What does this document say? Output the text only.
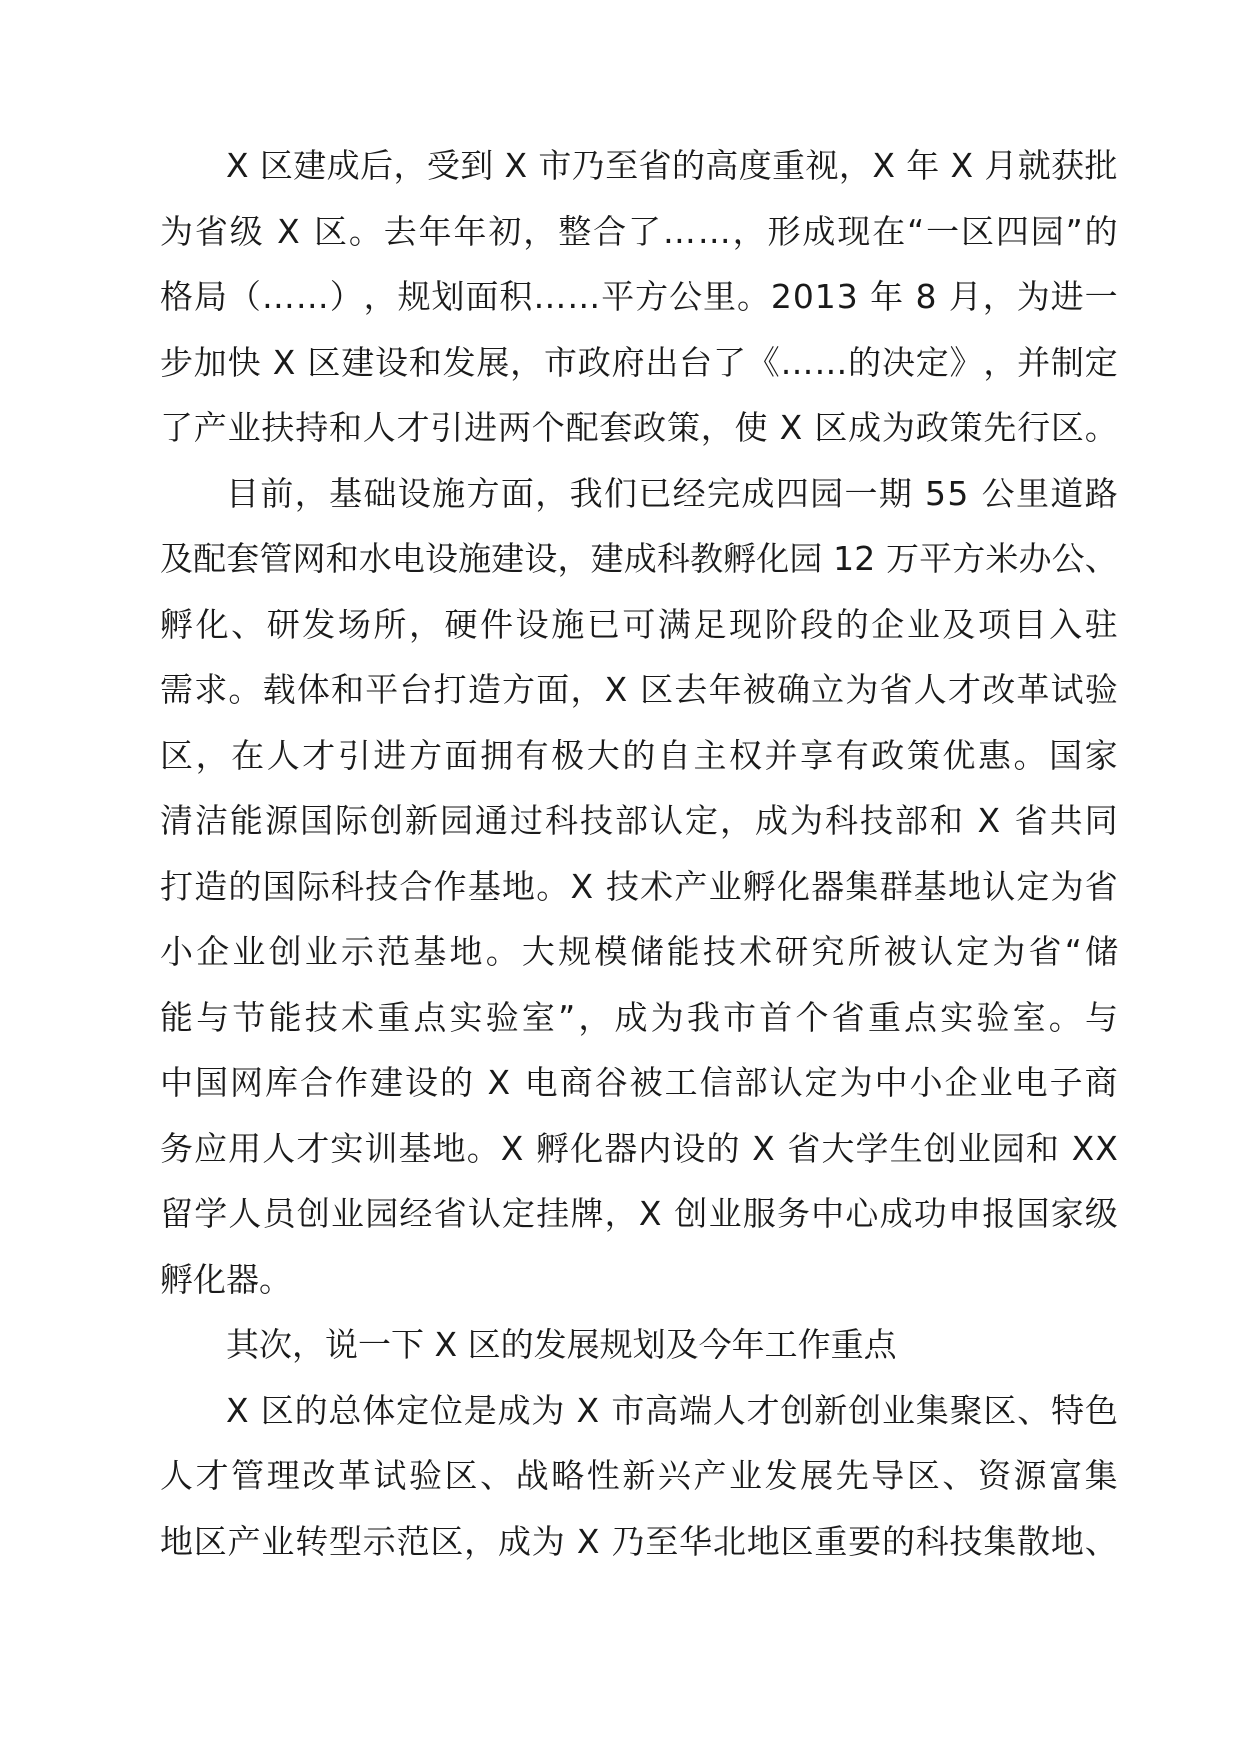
X
区 建 成 后 ， 受 到
X
市 乃 至 省 的 高 度 重 视 ， X
年
X
月 就 获 批

为 省 级
X
区 。 去 年 年 初 ， 整 合 了 … … ， 形 成 现 在 “ 一 区 四 园 ” 的

格 局 （ … … ） ， 规 划 面 积 … … 平 方 公 里 。 2 0 1 3
年
8
月 ， 为 进 一

步 加 快
X
区 建 设 和 发 展 ， 市 政 府 出 台 了 《 … … 的 决 定 》 ， 并 制 定

了 产 业 扶 持 和 人 才 引 进 两 个 配 套 政 策 ， 使
X
区 成 为 政 策 先 行 区 。

目 前 ， 基 础 设 施 方 面 ， 我 们 已 经 完 成 四 园 一 期
5 5
公 里 道 路

及 配 套 管 网 和 水 电 设 施 建 设 ， 建 成 科 教 孵 化 园
1 2
万 平 方 米 办 公 、

孵 化 、 研 发 场 所 ， 硬 件 设 施 已 可 满 足 现 阶 段 的 企 业 及 项 目 入 驻

需 求 。 载 体 和 平 台 打 造 方 面 ， X
区 去 年 被 确 立 为 省 人 才 改 革 试 验

区 ， 在 人 才 引 进 方 面 拥 有 极 大 的 自 主 权 并 享 有 政 策 优 惠 。 国 家

清 洁 能 源 国 际 创 新 园 通 过 科 技 部 认 定 ， 成 为 科 技 部 和
X
省 共 同

打 造 的 国 际 科 技 合 作 基 地 。 X
技 术 产 业 孵 化 器 集 群 基 地 认 定 为 省

小 企 业 创 业 示 范 基 地 。 大 规 模 储 能 技 术 研 究 所 被 认 定 为 省 “ 储

能 与 节 能 技 术 重 点 实 验 室 ” ， 成 为 我 市 首 个 省 重 点 实 验 室 。 与

中 国 网 库 合 作 建 设 的
X
电 商 谷 被 工 信 部 认 定 为 中 小 企 业 电 子 商

务 应 用 人 才 实 训 基 地 。 X
孵 化 器 内 设 的
X
省 大 学 生 创 业 园 和
X X

留 学 人 员 创 业 园 经 省 认 定 挂 牌 ， X
创 业 服 务 中 心 成 功 申 报 国 家 级

孵化器。

其次，说一下 X 区的发展规划及今年工作重点

X
区 的 总 体 定 位 是 成 为
X
市 高 端 人 才 创 新 创 业 集 聚 区 、 特 色

人 才 管 理 改 革 试 验 区 、 战 略 性 新 兴 产 业 发 展 先 导 区 、 资 源 富 集

地 区 产 业 转 型 示 范 区 ， 成 为
X
乃 至 华 北 地 区 重 要 的 科 技 集 散 地 、
